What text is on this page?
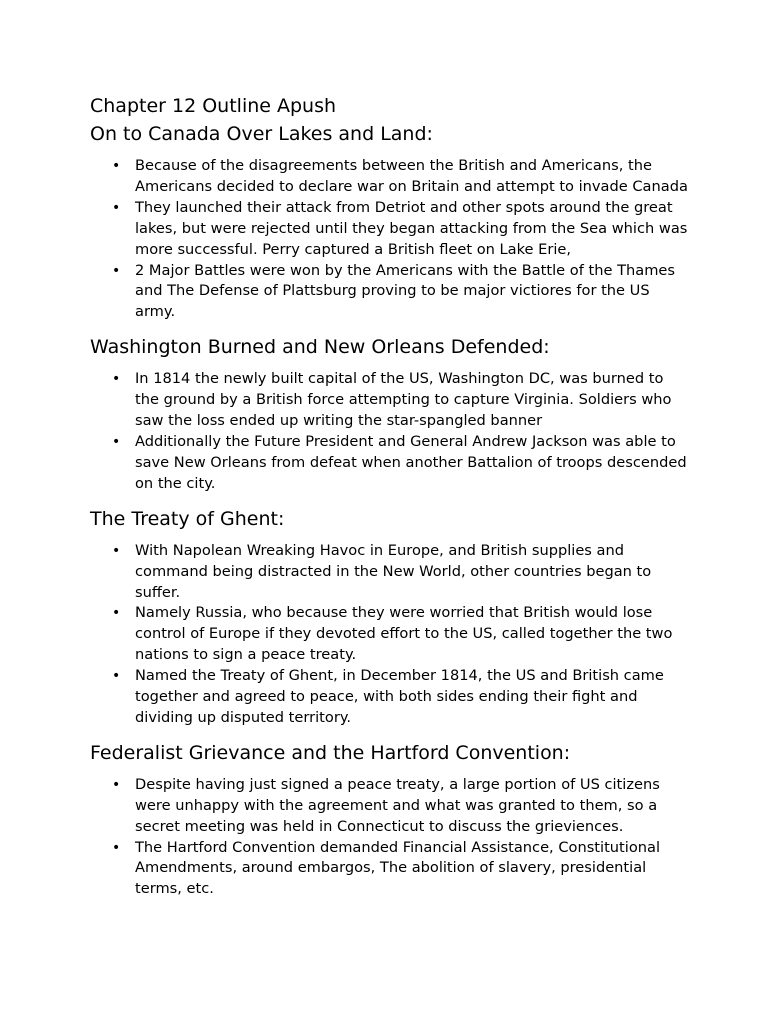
Chapter 12 Outline Apush
On to Canada Over Lakes and Land:
• Because of the disagreements between the British and Americans, the Americans decided to declare war on Britain and attempt to invade Canada
• They launched their attack from Detriot and other spots around the great lakes, but were rejected until they began attacking from the Sea which was more successful. Perry captured a British fleet on Lake Erie,
• 2 Major Battles were won by the Americans with the Battle of the Thames and The Defense of Plattsburg proving to be major victiores for the US army.
Washington Burned and New Orleans Defended:
• In 1814 the newly built capital of the US, Washington DC, was burned to the ground by a British force attempting to capture Virginia. Soldiers who saw the loss ended up writing the star-spangled banner
• Additionally the Future President and General Andrew Jackson was able to save New Orleans from defeat when another Battalion of troops descended on the city.
The Treaty of Ghent:
• With Napolean Wreaking Havoc in Europe, and British supplies and command being distracted in the New World, other countries began to suffer.
• Namely Russia, who because they were worried that British would lose control of Europe if they devoted effort to the US, called together the two nations to sign a peace treaty.
• Named the Treaty of Ghent, in December 1814, the US and British came together and agreed to peace, with both sides ending their fight and dividing up disputed territory.
Federalist Grievance and the Hartford Convention:
• Despite having just signed a peace treaty, a large portion of US citizens were unhappy with the agreement and what was granted to them, so a secret meeting was held in Connecticut to discuss the grieviences.
• The Hartford Convention demanded Financial Assistance, Constitutional Amendments, around embargos, The abolition of slavery, presidential terms, etc.
